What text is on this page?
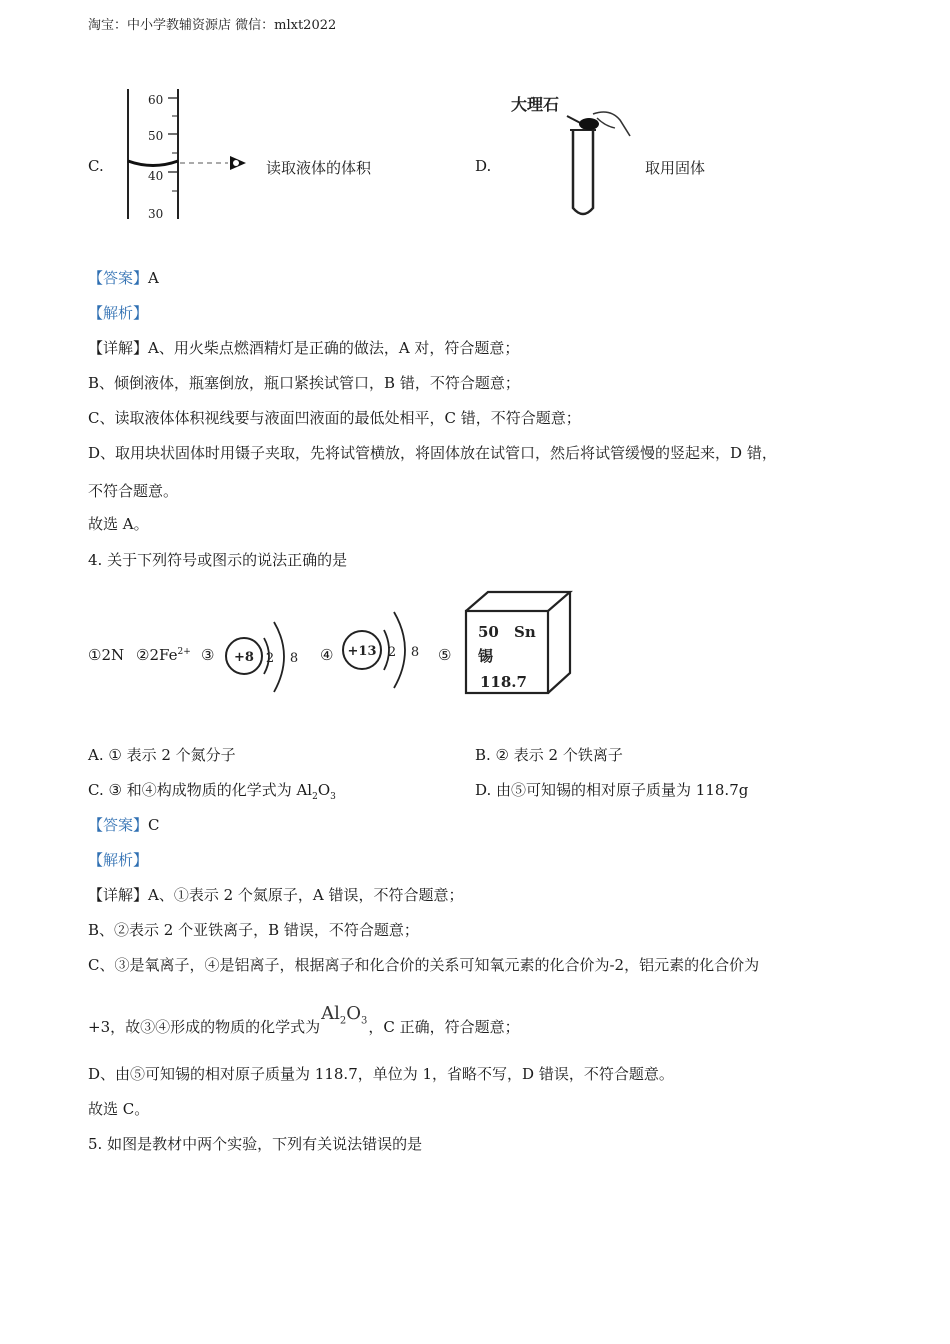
淘宝：中小学教辅资源店 微信：mlxt2022
C.
60
50
40
30
读取液体的体积	D.
大理石
取用固体
【答案】A
【解析】
【详解】A、用火柴点燃酒精灯是正确的做法，A 对，符合题意；
B、倾倒液体，瓶塞倒放，瓶口紧挨试管口，B 错，不符合题意；
C、读取液体体积视线要与液面凹液面的最低处相平，C 错，不符合题意；
D、取用块状固体时用镊子夹取，先将试管横放，将固体放在试管口，然后将试管缓慢的竖起来，D 错，
不符合题意。
故选 A。
4. 关于下列符号或图示的说法正确的是
①2N $②2Fe^{2+}$ ③ +8 2 8 ④ +13 2 8 ⑤
50 Sn
锡
118.7
A. ① 表示 2 个氮分子	B. ② 表示 2 个铁离子
C. ③ 和④构成物质的化学式为 $Al_2O_3$	D. 由⑤可知锡的相对原子质量为 118.7g
【答案】C
【解析】
【详解】A、①表示 2 个氮原子，A 错误，不符合题意；
B、②表示 2 个亚铁离子，B 错误，不符合题意；
C、③是氧离子，④是铝离子，根据离子和化合价的关系可知氧元素的化合价为-2，铝元素的化合价为
+3，故③④形成的物质的化学式为$Al_2O_3$，C 正确，符合题意；
D、由⑤可知锡的相对原子质量为 118.7，单位为 1，省略不写，D 错误，不符合题意。
故选 C。
5. 如图是教材中两个实验，下列有关说法错误的是
